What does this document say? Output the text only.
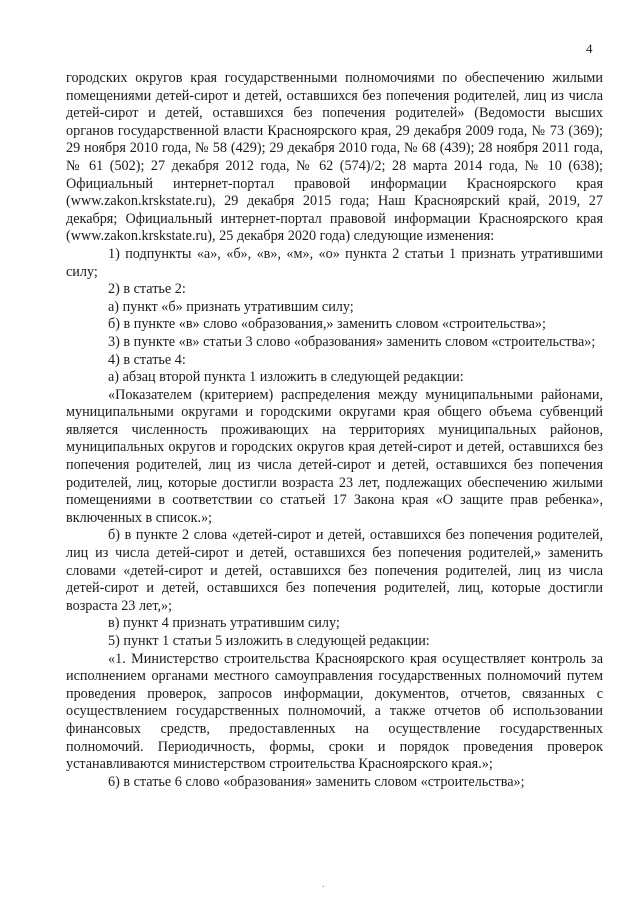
4

городских округов края государственными полномочиями по обеспечению жилыми помещениями детей-сирот и детей, оставшихся без попечения родителей, лиц из числа детей-сирот и детей, оставшихся без попечения родителей» (Ведомости высших органов государственной власти Красноярского края, 29 декабря 2009 года, № 73 (369); 29 ноября 2010 года, № 58 (429); 29 декабря 2010 года, № 68 (439); 28 ноября 2011 года, № 61 (502); 27 декабря 2012 года, № 62 (574)/2; 28 марта 2014 года, № 10 (638); Официальный интернет-портал правовой информации Красноярского края (www.zakon.krskstate.ru), 29 декабря 2015 года; Наш Красноярский край, 2019, 27 декабря; Официальный интернет-портал правовой информации Красноярского края (www.zakon.krskstate.ru), 25 декабря 2020 года) следующие изменения:

1) подпункты «а», «б», «в», «м», «о» пункта 2 статьи 1 признать утратившими силу;

2) в статье 2:

а) пункт «б» признать утратившим силу;

б) в пункте «в» слово «образования,» заменить словом «строительства»;

3) в пункте «в» статьи 3 слово «образования» заменить словом «строительства»;

4) в статье 4:

а) абзац второй пункта 1 изложить в следующей редакции:

«Показателем (критерием) распределения между муниципальными районами, муниципальными округами и городскими округами края общего объема субвенций является численность проживающих на территориях муниципальных районов, муниципальных округов и городских округов края детей-сирот и детей, оставшихся без попечения родителей, лиц из числа детей-сирот и детей, оставшихся без попечения родителей, лиц, которые достигли возраста 23 лет, подлежащих обеспечению жилыми помещениями в соответствии со статьей 17 Закона края «О защите прав ребенка», включенных в список.»;

б) в пункте 2 слова «детей-сирот и детей, оставшихся без попечения родителей, лиц из числа детей-сирот и детей, оставшихся без попечения родителей,» заменить словами «детей-сирот и детей, оставшихся без попечения родителей, лиц из числа детей-сирот и детей, оставшихся без попечения родителей, лиц, которые достигли возраста 23 лет,»;

в) пункт 4 признать утратившим силу;

5) пункт 1 статьи 5 изложить в следующей редакции:

«1. Министерство строительства Красноярского края осуществляет контроль за исполнением органами местного самоуправления государственных полномочий путем проведения проверок, запросов информации, документов, отчетов, связанных с осуществлением государственных полномочий, а также отчетов об использовании финансовых средств, предоставленных на осуществление государственных полномочий. Периодичность, формы, сроки и порядок проведения проверок устанавливаются министерством строительства Красноярского края.»;

6) в статье 6 слово «образования» заменить словом «строительства»;

.
